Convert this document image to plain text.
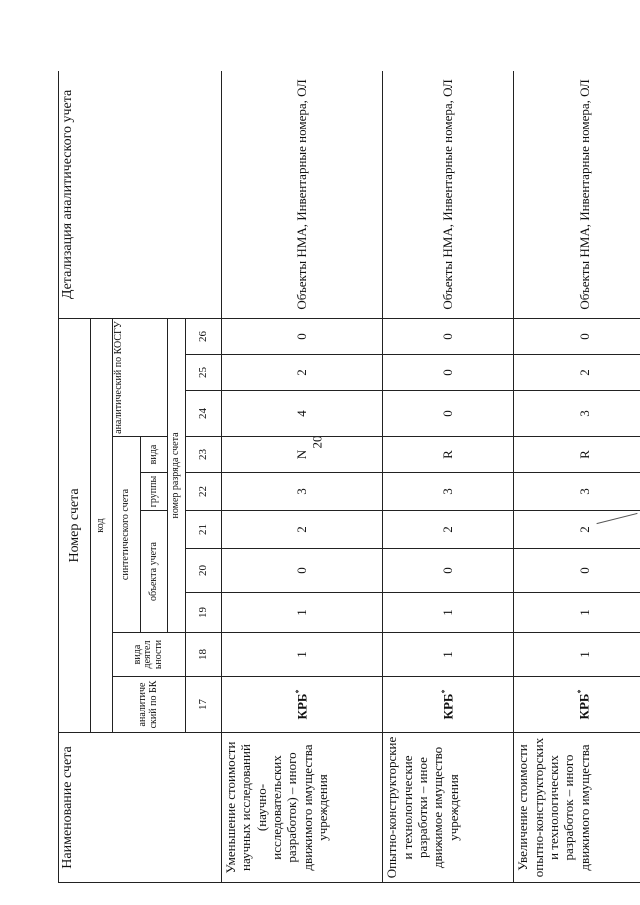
20
Наименование счета	Номер счета										Детализация аналитического учета
	код										
	аналитиче ский по БК	вида деятел ьности	синтетического счета					аналитический по КОСГУ			
			объекта учета			группы	вида				
			номер разряда счета								
	17	18	19	20	21	22	23	24	25	26	
Уменьшение стоимости научных исследований (научно-исследовательских разработок) – иного движимого имущества учреждения	КРБ*	1	1	0	2	3	N	4	2	0	Объекты НМА, Инвентарные номера, ОЛ
Опытно-конструкторские и технологические разработки – иное движимое имущество учреждения	КРБ*	1	1	0	2	3	R	0	0	0	Объекты НМА, Инвентарные номера, ОЛ
Увеличение стоимости опытно-конструкторских и технологических разработок – иного движимого имущества	КРБ*	1	1	0	2	3	R	3	2	0	Объекты НМА, Инвентарные номера, ОЛ
